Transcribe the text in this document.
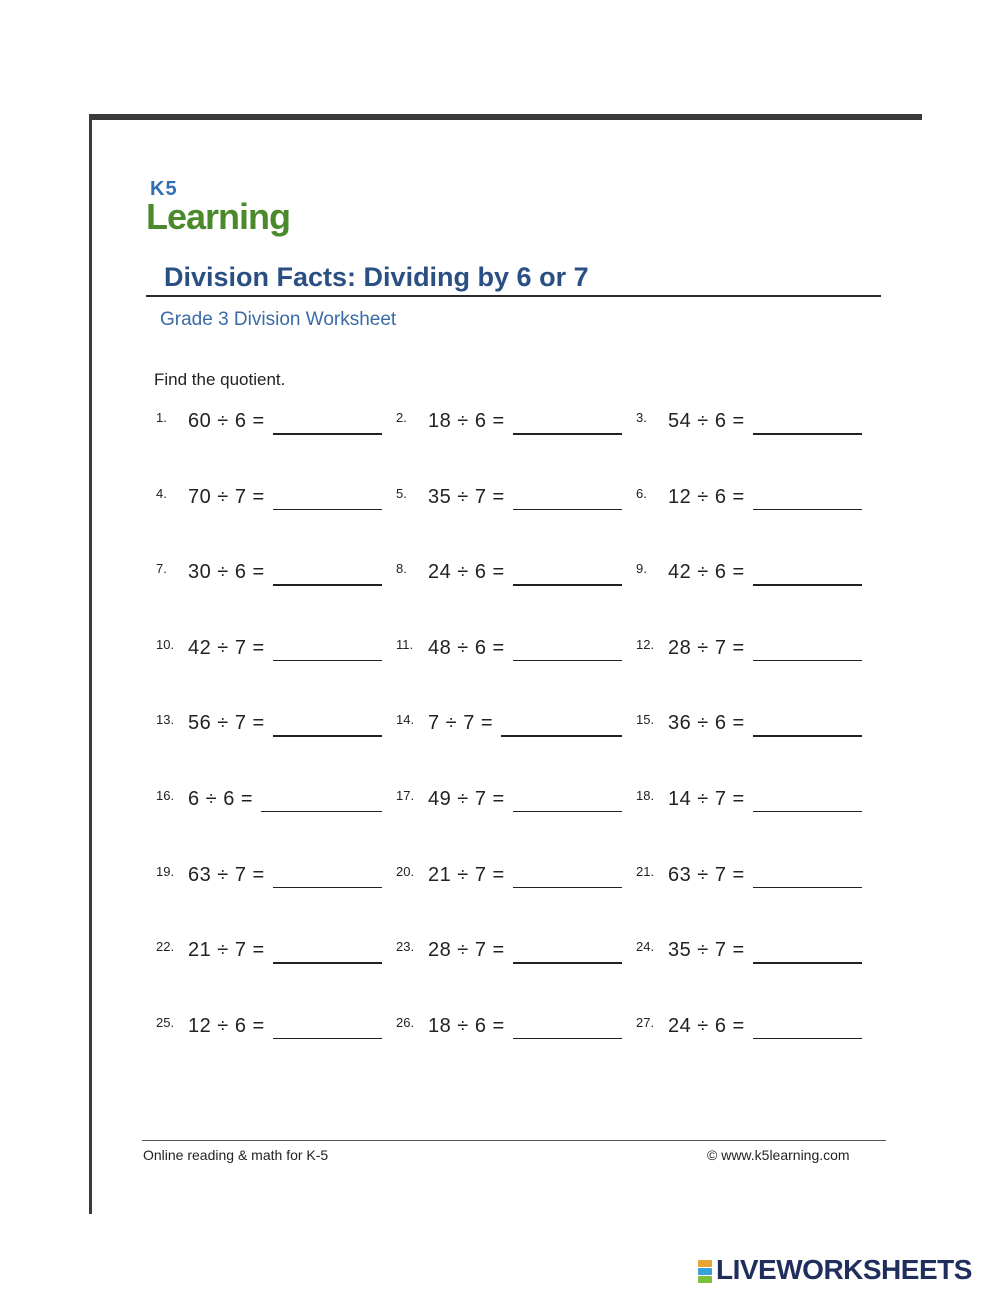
K5
Learning
Division Facts: Dividing by 6 or 7
Grade 3 Division Worksheet
Find the quotient.
1. 60 ÷ 6 =	2. 18 ÷ 6 =	3. 54 ÷ 6 =
4. 70 ÷ 7 =	5. 35 ÷ 7 =	6. 12 ÷ 6 =
7. 30 ÷ 6 =	8. 24 ÷ 6 =	9. 42 ÷ 6 =
10. 42 ÷ 7 =	11. 48 ÷ 6 =	12. 28 ÷ 7 =
13. 56 ÷ 7 =	14. 7 ÷ 7 =	15. 36 ÷ 6 =
16. 6 ÷ 6 =	17. 49 ÷ 7 =	18. 14 ÷ 7 =
19. 63 ÷ 7 =	20. 21 ÷ 7 =	21. 63 ÷ 7 =
22. 21 ÷ 7 =	23. 28 ÷ 7 =	24. 35 ÷ 7 =
25. 12 ÷ 6 =	26. 18 ÷ 6 =	27. 24 ÷ 6 =
Online reading & math for K-5	© www.k5learning.com
LIVEWORKSHEETS
